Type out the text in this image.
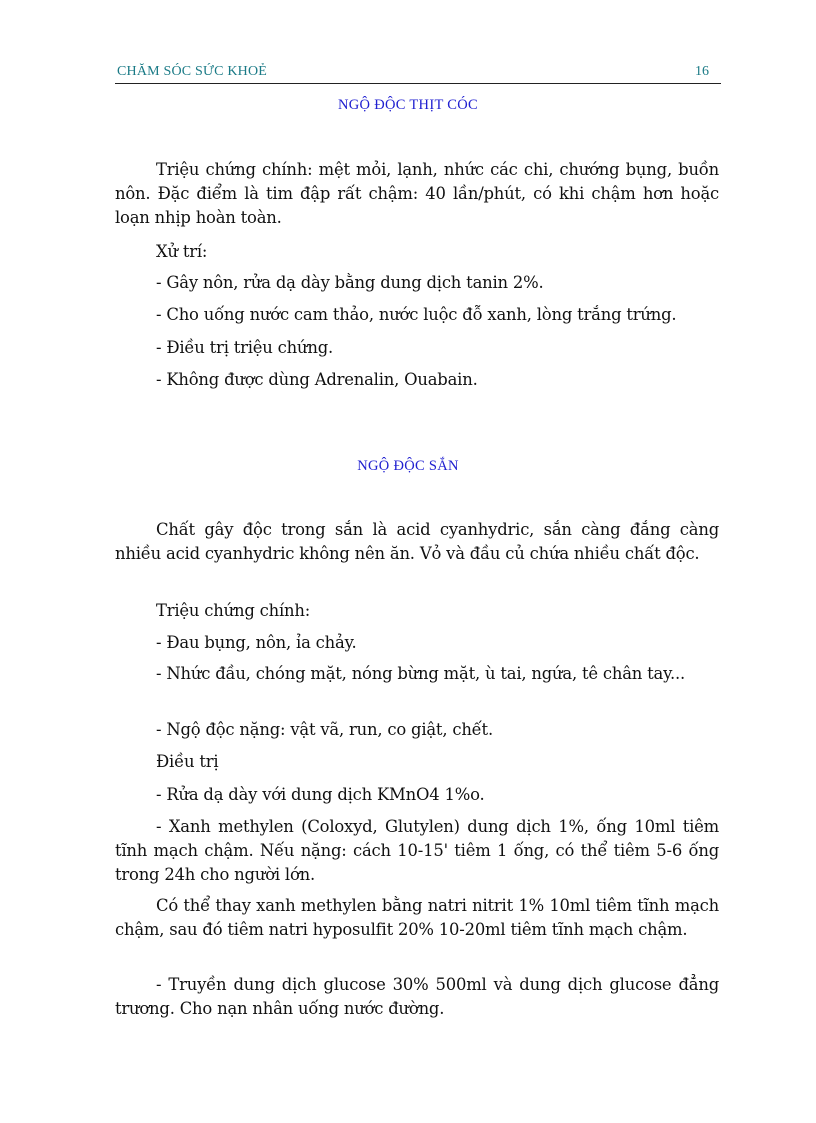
CHĂM SÓC SỨC KHOẺ	16
NGỘ ĐỘC THỊT CÓC

Triệu chứng chính: mệt mỏi, lạnh, nhức các chi, chướng bụng, buồn nôn. Đặc điểm là tim đập rất chậm: 40 lần/phút, có khi chậm hơn hoặc loạn nhịp hoàn toàn.

Xử trí:

- Gây nôn, rửa dạ dày bằng dung dịch tanin 2%.

- Cho uống nước cam thảo, nước luộc đỗ xanh, lòng trắng trứng.

- Điều trị triệu chứng.

- Không được dùng Adrenalin, Ouabain.

NGỘ ĐỘC SẮN

Chất gây độc trong sắn là acid cyanhydric, sắn càng đắng càng nhiều acid cyanhydric không nên ăn. Vỏ và đầu củ chứa nhiều chất độc.

Triệu chứng chính:

- Đau bụng, nôn, ỉa chảy.

- Nhức đầu, chóng mặt, nóng bừng mặt, ù tai, ngứa, tê chân tay...

- Ngộ độc nặng: vật vã, run, co giật, chết.

Điều trị

- Rửa dạ dày với dung dịch KMnO4 1%o.

- Xanh methylen (Coloxyd, Glutylen) dung dịch 1%, ống 10ml tiêm tĩnh mạch chậm. Nếu nặng: cách 10-15' tiêm 1 ống, có thể tiêm 5-6 ống trong 24h cho người lớn.

Có thể thay xanh methylen bằng natri nitrit 1% 10ml tiêm tĩnh mạch chậm, sau đó tiêm natri hyposulfit 20% 10-20ml tiêm tĩnh mạch chậm.

- Truyền dung dịch glucose 30% 500ml và dung dịch glucose đẳng trương. Cho nạn nhân uống nước đường.
